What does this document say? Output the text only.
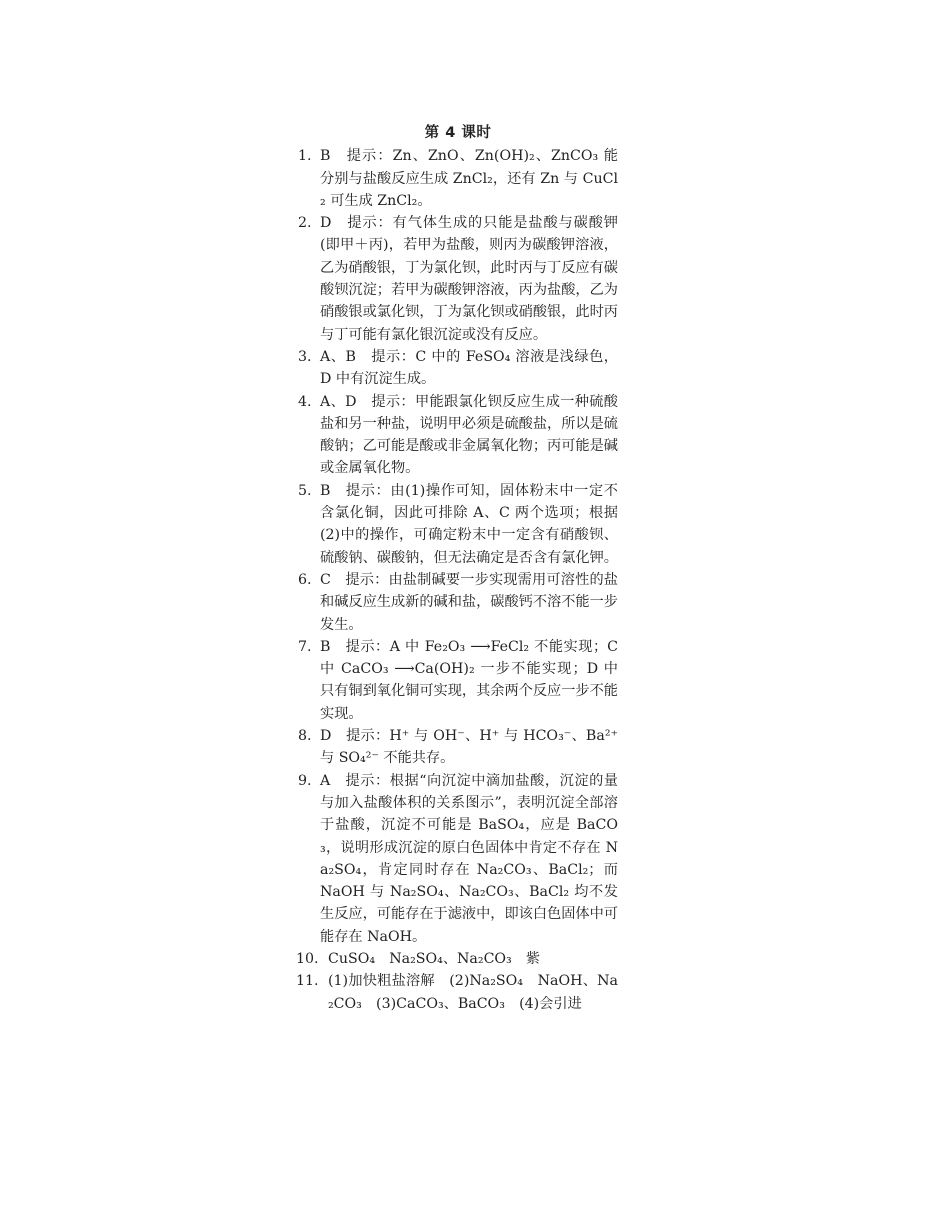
第 4 课时
1. B　提示：Zn、ZnO、Zn(OH)₂、ZnCO₃ 能分别与盐酸反应生成 ZnCl₂，还有 Zn 与 CuCl₂ 可生成 ZnCl₂。
2. D　提示：有气体生成的只能是盐酸与碳酸钾(即甲＋丙)，若甲为盐酸，则丙为碳酸钾溶液，乙为硝酸银，丁为氯化钡，此时丙与丁反应有碳酸钡沉淀；若甲为碳酸钾溶液，丙为盐酸，乙为硝酸银或氯化钡，丁为氯化钡或硝酸银，此时丙与丁可能有氯化银沉淀或没有反应。
3. A、B　提示：C 中的 FeSO₄ 溶液是浅绿色，D 中有沉淀生成。
4. A、D　提示：甲能跟氯化钡反应生成一种硫酸盐和另一种盐，说明甲必须是硫酸盐，所以是硫酸钠；乙可能是酸或非金属氧化物；丙可能是碱或金属氧化物。
5. B　提示：由(1)操作可知，固体粉末中一定不含氯化铜，因此可排除 A、C 两个选项；根据(2)中的操作，可确定粉末中一定含有硝酸钡、硫酸钠、碳酸钠，但无法确定是否含有氯化钾。
6. C　提示：由盐制碱要一步实现需用可溶性的盐和碱反应生成新的碱和盐，碳酸钙不溶不能一步发生。
7. B　提示：A 中 Fe₂O₃ ⟶FeCl₂ 不能实现；C 中 CaCO₃ ⟶Ca(OH)₂ 一步不能实现；D 中只有铜到氧化铜可实现，其余两个反应一步不能实现。
8. D　提示：H⁺ 与 OH⁻、H⁺ 与 HCO₃⁻、Ba²⁺ 与 SO₄²⁻ 不能共存。
9. A　提示：根据“向沉淀中滴加盐酸，沉淀的量与加入盐酸体积的关系图示”，表明沉淀全部溶于盐酸，沉淀不可能是 BaSO₄，应是 BaCO₃，说明形成沉淀的原白色固体中肯定不存在 Na₂SO₄，肯定同时存在 Na₂CO₃、BaCl₂；而 NaOH 与 Na₂SO₄、Na₂CO₃、BaCl₂ 均不发生反应，可能存在于滤液中，即该白色固体中可能存在 NaOH。
10. CuSO₄　Na₂SO₄、Na₂CO₃　紫
11. (1)加快粗盐溶解　(2)Na₂SO₄　NaOH、Na₂CO₃　(3)CaCO₃、BaCO₃　(4)会引进
